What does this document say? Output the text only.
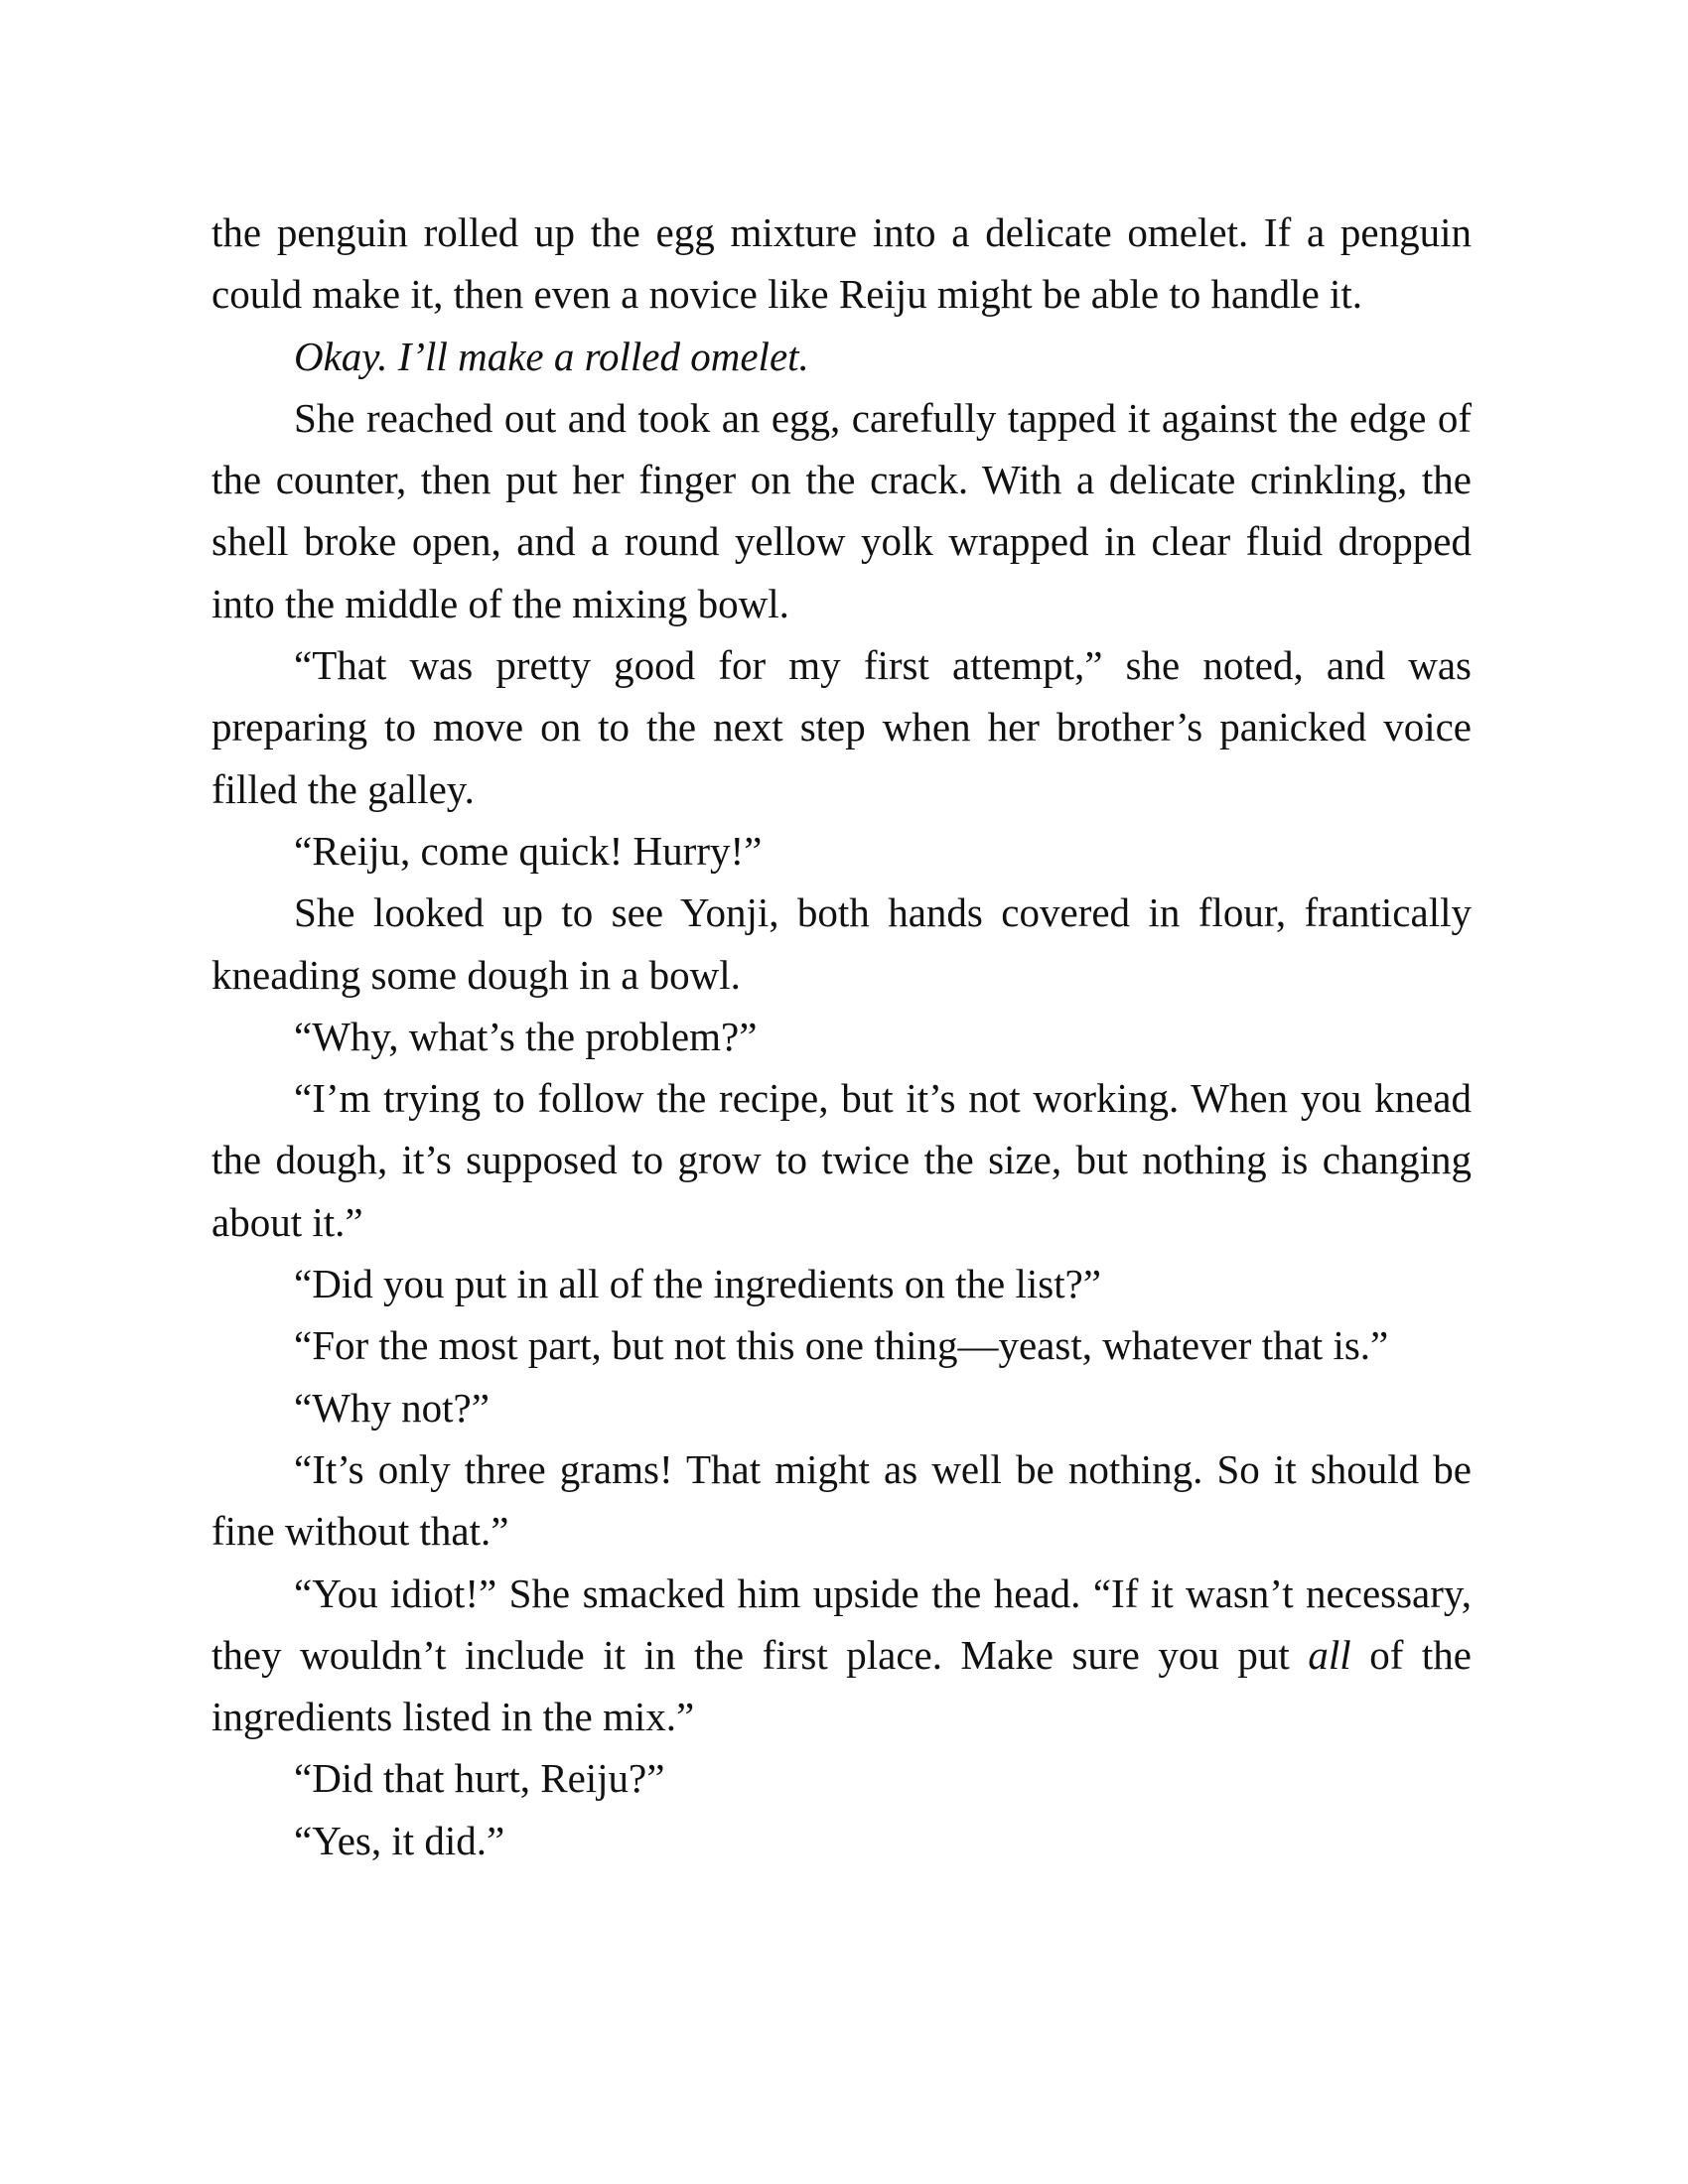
the penguin rolled up the egg mixture into a delicate omelet. If a penguin could make it, then even a novice like Reiju might be able to handle it.

Okay. I’ll make a rolled omelet.

She reached out and took an egg, carefully tapped it against the edge of the counter, then put her finger on the crack. With a delicate crinkling, the shell broke open, and a round yellow yolk wrapped in clear fluid dropped into the middle of the mixing bowl.

“That was pretty good for my first attempt,” she noted, and was preparing to move on to the next step when her brother’s panicked voice filled the galley.

“Reiju, come quick! Hurry!”

She looked up to see Yonji, both hands covered in flour, frantically kneading some dough in a bowl.

“Why, what’s the problem?”

“I’m trying to follow the recipe, but it’s not working. When you knead the dough, it’s supposed to grow to twice the size, but nothing is changing about it.”

“Did you put in all of the ingredients on the list?”

“For the most part, but not this one thing—yeast, whatever that is.”

“Why not?”

“It’s only three grams! That might as well be nothing. So it should be fine without that.”

“You idiot!” She smacked him upside the head. “If it wasn’t necessary, they wouldn’t include it in the first place. Make sure you put all of the ingredients listed in the mix.”

“Did that hurt, Reiju?”

“Yes, it did.”
